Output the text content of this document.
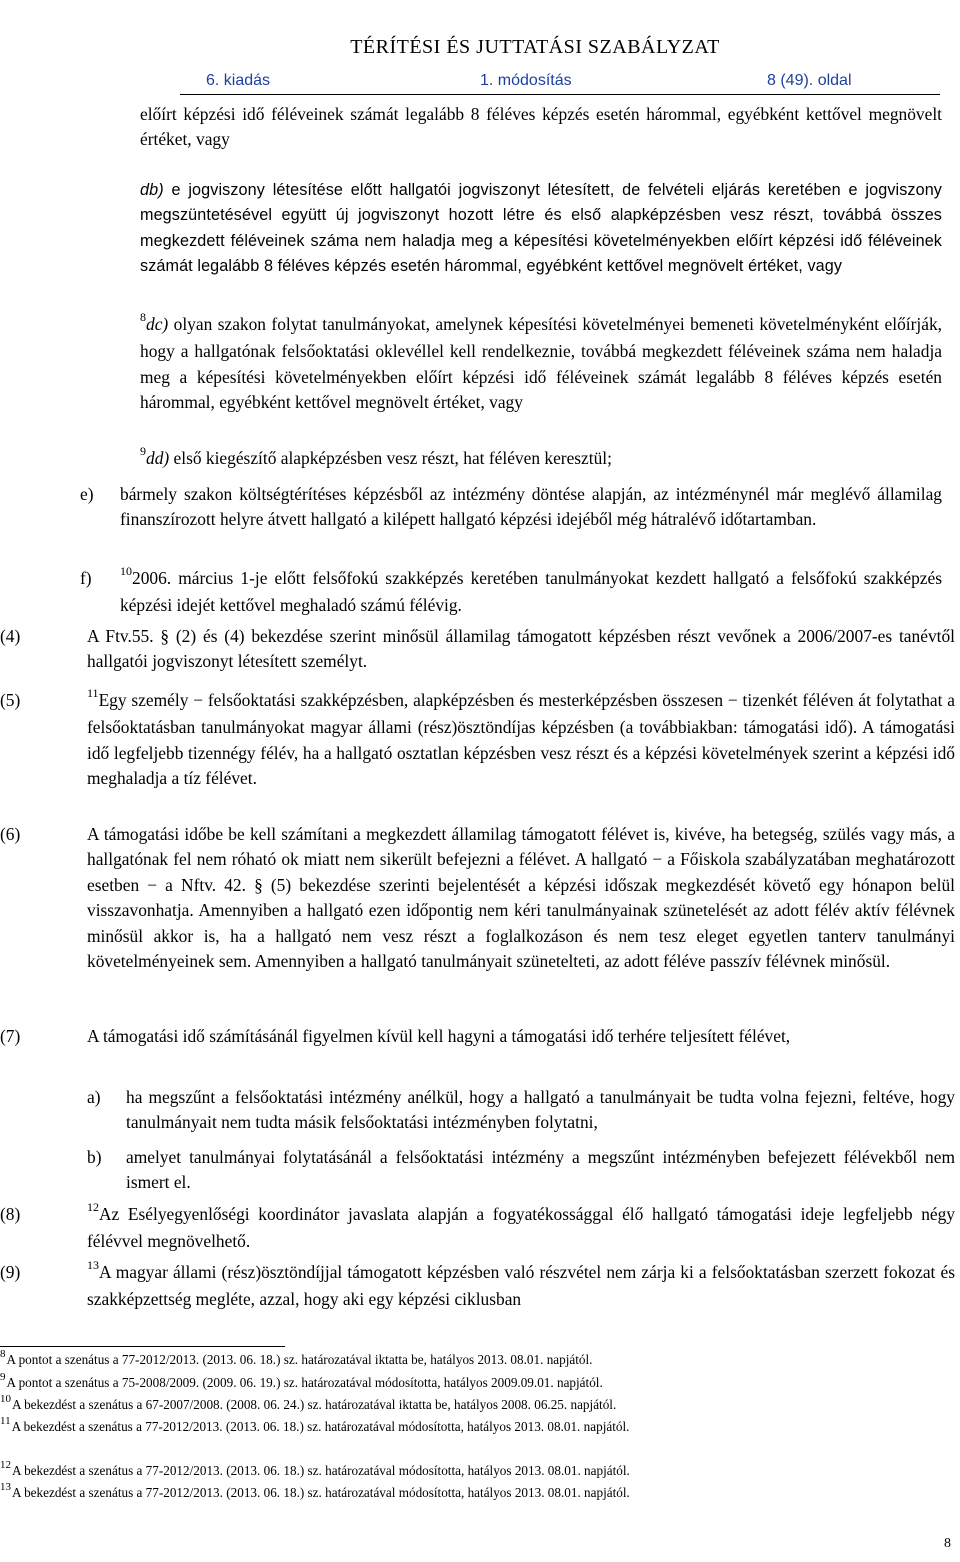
TÉRÍTÉSI ÉS JUTTATÁSI SZABÁLYZAT
6. kiadás	1. módosítás	8 (49). oldal
előírt képzési idő féléveinek számát legalább 8 féléves képzés esetén hárommal, egyébként kettővel megnövelt értéket, vagy
db) e jogviszony létesítése előtt hallgatói jogviszonyt létesített, de felvételi eljárás keretében e jogviszony megszüntetésével együtt új jogviszonyt hozott létre és első alapképzésben vesz részt, továbbá összes megkezdett féléveinek száma nem haladja meg a képesítési követelményekben előírt képzési idő féléveinek számát legalább 8 féléves képzés esetén hárommal, egyébként kettővel megnövelt értéket, vagy
$^8$dc) olyan szakon folytat tanulmányokat, amelynek képesítési követelményei bemeneti követelményként előírják, hogy a hallgatónak felsőoktatási oklevéllel kell rendelkeznie, továbbá megkezdett féléveinek száma nem haladja meg a képesítési követelményekben előírt képzési idő féléveinek számát legalább 8 féléves képzés esetén hárommal, egyébként kettővel megnövelt értéket, vagy
$^9$dd) első kiegészítő alapképzésben vesz részt, hat féléven keresztül;
e) bármely szakon költségtérítéses képzésből az intézmény döntése alapján, az intézménynél már meglévő államilag finanszírozott helyre átvett hallgató a kilépett hallgató képzési idejéből még hátralévő időtartamban.
f) $^{10}$2006. március 1-je előtt felsőfokú szakképzés keretében tanulmányokat kezdett hallgató a felsőfokú szakképzés képzési idejét kettővel meghaladó számú félévig.
(4)	A Ftv.55. § (2) és (4) bekezdése szerint minősül államilag támogatott képzésben részt vevőnek a 2006/2007-es tanévtől hallgatói jogviszonyt létesített személyt.
(5)	$^{11}$Egy személy − felsőoktatási szakképzésben, alapképzésben és mesterképzésben összesen − tizenkét féléven át folytathat a felsőoktatásban tanulmányokat magyar állami (rész)ösztöndíjas képzésben (a továbbiakban: támogatási idő). A támogatási idő legfeljebb tizennégy félév, ha a hallgató osztatlan képzésben vesz részt és a képzési követelmények szerint a képzési idő meghaladja a tíz félévet.
(6)	A támogatási időbe be kell számítani a megkezdett államilag támogatott félévet is, kivéve, ha betegség, szülés vagy más, a hallgatónak fel nem róható ok miatt nem sikerült befejezni a félévet. A hallgató − a Főiskola szabályzatában meghatározott esetben − a Nftv. 42. § (5) bekezdése szerinti bejelentését a képzési időszak megkezdését követő egy hónapon belül visszavonhatja. Amennyiben a hallgató ezen időpontig nem kéri tanulmányainak szünetelését az adott félév aktív félévnek minősül akkor is, ha a hallgató nem vesz részt a foglalkozáson és nem tesz eleget egyetlen tanterv tanulmányi követelményeinek sem. Amennyiben a hallgató tanulmányait szünetelteti, az adott féléve passzív félévnek minősül.
(7)	A támogatási idő számításánál figyelmen kívül kell hagyni a támogatási idő terhére teljesített félévet,
a) ha megszűnt a felsőoktatási intézmény anélkül, hogy a hallgató a tanulmányait be tudta volna fejezni, feltéve, hogy tanulmányait nem tudta másik felsőoktatási intézményben folytatni,
b) amelyet tanulmányai folytatásánál a felsőoktatási intézmény a megszűnt intézményben befejezett félévekből nem ismert el.
(8)	$^{12}$Az Esélyegyenlőségi koordinátor javaslata alapján a fogyatékossággal élő hallgató támogatási ideje legfeljebb négy félévvel megnövelhető.
(9)	$^{13}$A magyar állami (rész)ösztöndíjjal támogatott képzésben való részvétel nem zárja ki a felsőoktatásban szerzett fokozat és szakképzettség megléte, azzal, hogy aki egy képzési ciklusban
$^8$A pontot a szenátus a 77-2012/2013. (2013. 06. 18.) sz. határozatával iktatta be, hatályos 2013. 08.01. napjától.
$^9$A pontot a szenátus a 75-2008/2009. (2009. 06. 19.) sz. határozatával módosította, hatályos 2009.09.01. napjától.
$^{10}$A bekezdést a szenátus a 67-2007/2008. (2008. 06. 24.) sz. határozatával iktatta be, hatályos 2008. 06.25. napjától.
$^{11}$A bekezdést a szenátus a 77-2012/2013. (2013. 06. 18.) sz. határozatával módosította, hatályos 2013. 08.01. napjától.
$^{12}$A bekezdést a szenátus a 77-2012/2013. (2013. 06. 18.) sz. határozatával módosította, hatályos 2013. 08.01. napjától.
$^{13}$A bekezdést a szenátus a 77-2012/2013. (2013. 06. 18.) sz. határozatával módosította, hatályos 2013. 08.01. napjától.
8
